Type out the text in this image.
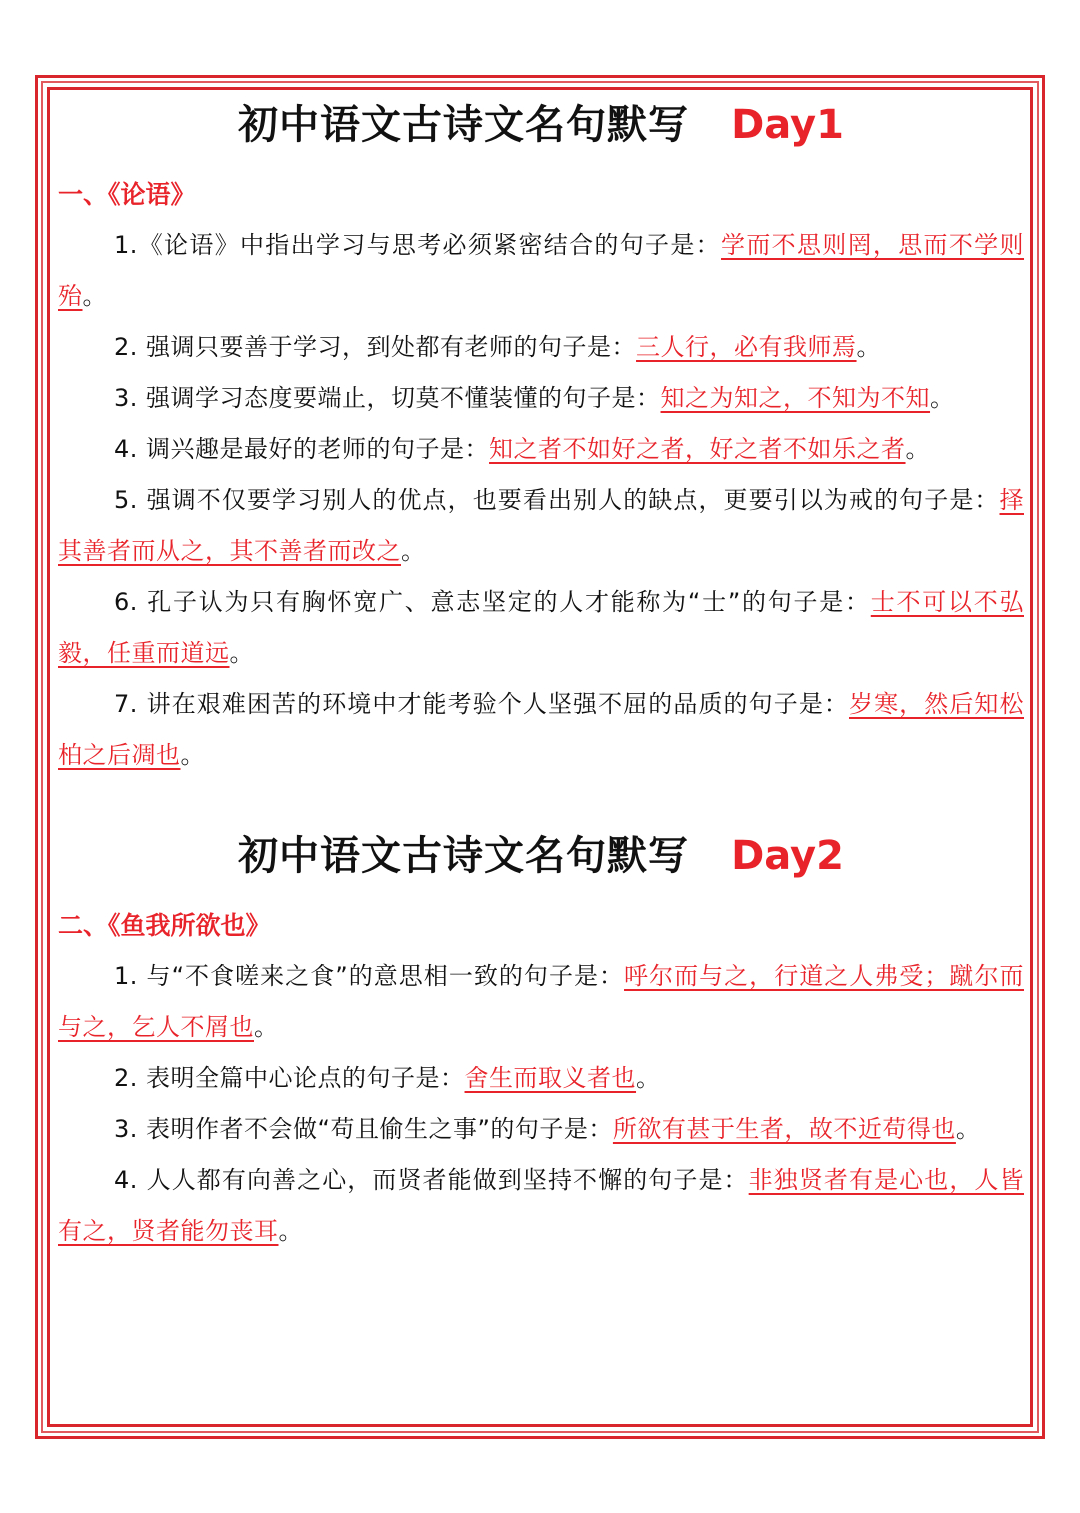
初中语文古诗文名句默写 Day1
一、《论语》

1.《论语》中指出学习与思考必须紧密结合的句子是：学而不思则罔，思而不学则殆。

2. 强调只要善于学习，到处都有老师的句子是：三人行，必有我师焉。

3. 强调学习态度要端止，切莫不懂装懂的句子是：知之为知之，不知为不知。

4. 调兴趣是最好的老师的句子是：知之者不如好之者，好之者不如乐之者。

5. 强调不仅要学习别人的优点，也要看出别人的缺点，更要引以为戒的句子是：择其善者而从之，其不善者而改之。

6. 孔子认为只有胸怀宽广、意志坚定的人才能称为“士”的句子是：士不可以不弘毅，任重而道远。

7. 讲在艰难困苦的环境中才能考验个人坚强不屈的品质的句子是：岁寒，然后知松柏之后凋也。

初中语文古诗文名句默写 Day2
二、《鱼我所欲也》

1. 与“不食嗟来之食”的意思相一致的句子是：呼尔而与之，行道之人弗受；蹴尔而与之，乞人不屑也。

2. 表明全篇中心论点的句子是：舍生而取义者也。

3. 表明作者不会做“苟且偷生之事”的句子是：所欲有甚于生者，故不近苟得也。

4. 人人都有向善之心，而贤者能做到坚持不懈的句子是：非独贤者有是心也，人皆有之，贤者能勿丧耳。
